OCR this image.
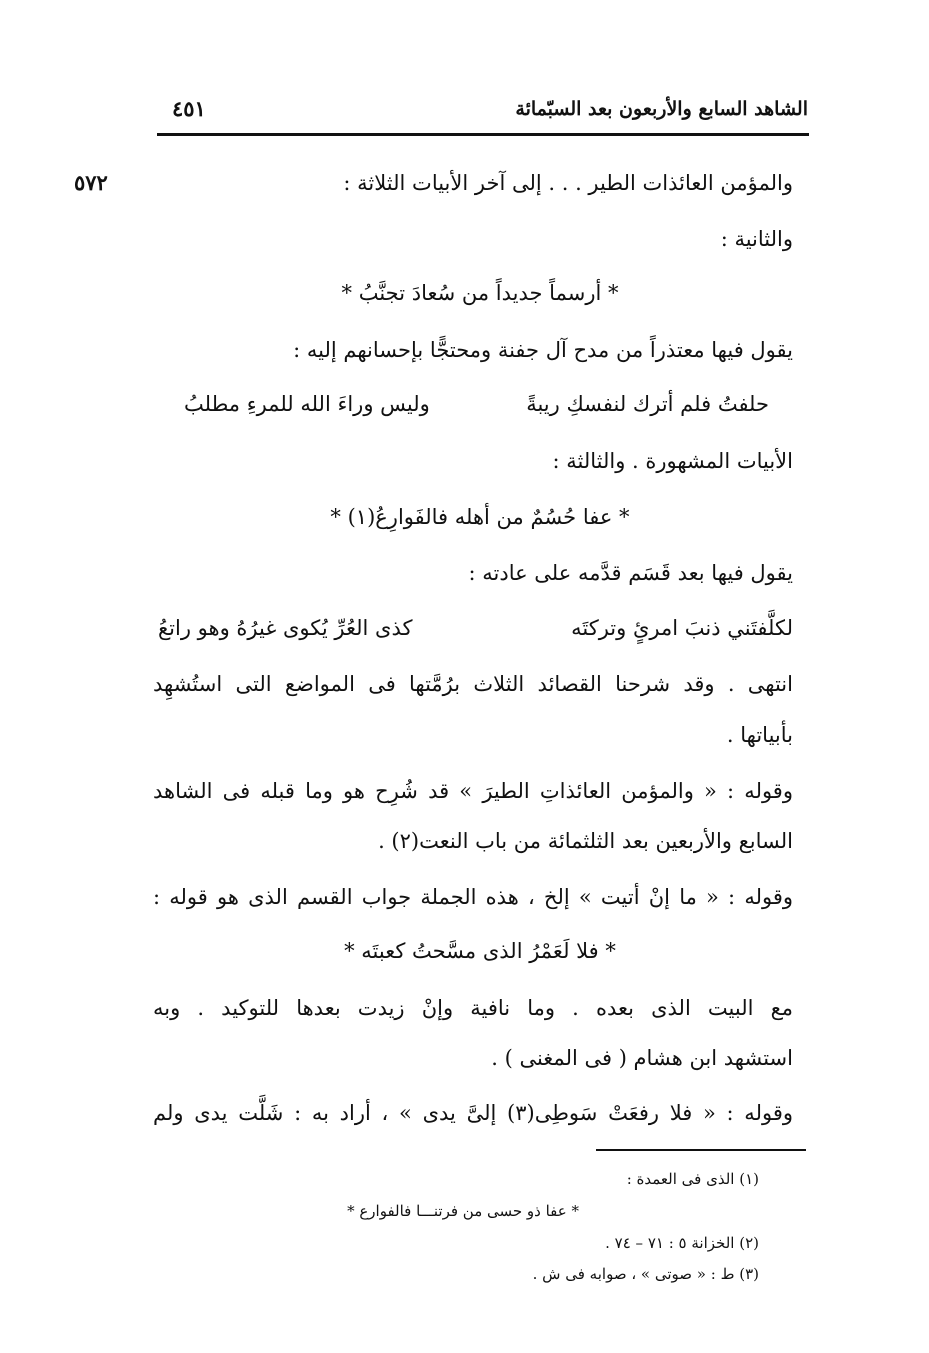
الشاهد السابع والأربعون بعد السبّمائة
٤٥١
٥٧٢	والمؤمن العائذات الطير . . . إلى آخر الأبيات الثلاثة :
والثانية :
* أرسماً جديداً من سُعادَ تجنَّبُ *
يقول فيها معتذراً من مدح آل جفنة ومحتجًّا بإحسانهم إليه :
حلفتُ فلم أترك لنفسكِ ريبةً
وليس وراءَ الله للمرءِ مطلبُ
الأبيات المشهورة . والثالثة :
* عفا حُسُمٌ من أهله فالفَوارِعُ(١) *
يقول فيها بعد قَسَم قدَّمه على عادته :
لكلَّفتَني ذنبَ امرئٍ وتركتَه
كذى العُرِّ يُكوى غيرُهُ وهو راتعُ
انتهى . وقد شرحنا القصائد الثلاث برُمَّتها فى المواضع التى استُشهِد
بأبياتها .
وقوله : « والمؤمن العائذاتِ الطيرَ » قد شُرِح هو وما قبله فى الشاهد
السابع والأربعين بعد الثلثمائة من باب النعت(٢) .
وقوله : « ما إنْ أتيت » إلخ ، هذه الجملة جواب القسم الذى هو قوله :
* فلا لَعَمْرُ الذى مسَّحتُ كعبتَه *
مع البيت الذى بعده . وما نافية وإنْ زيدت بعدها للتوكيد . وبه
استشهد ابن هشام ( فى المغنى ) .
وقوله : « فلا رفعَتْ سَوطِى(٣) إلىَّ يدى » ، أراد به : شَلَّت يدى ولم
(١) الذى فى العمدة :
* عفا ذو حسى من فرتنـــا فالفوارع *
(٢) الخزانة ٥ : ٧١ – ٧٤ .
(٣) ط : « صوتى » ، صوابه فى ش .
